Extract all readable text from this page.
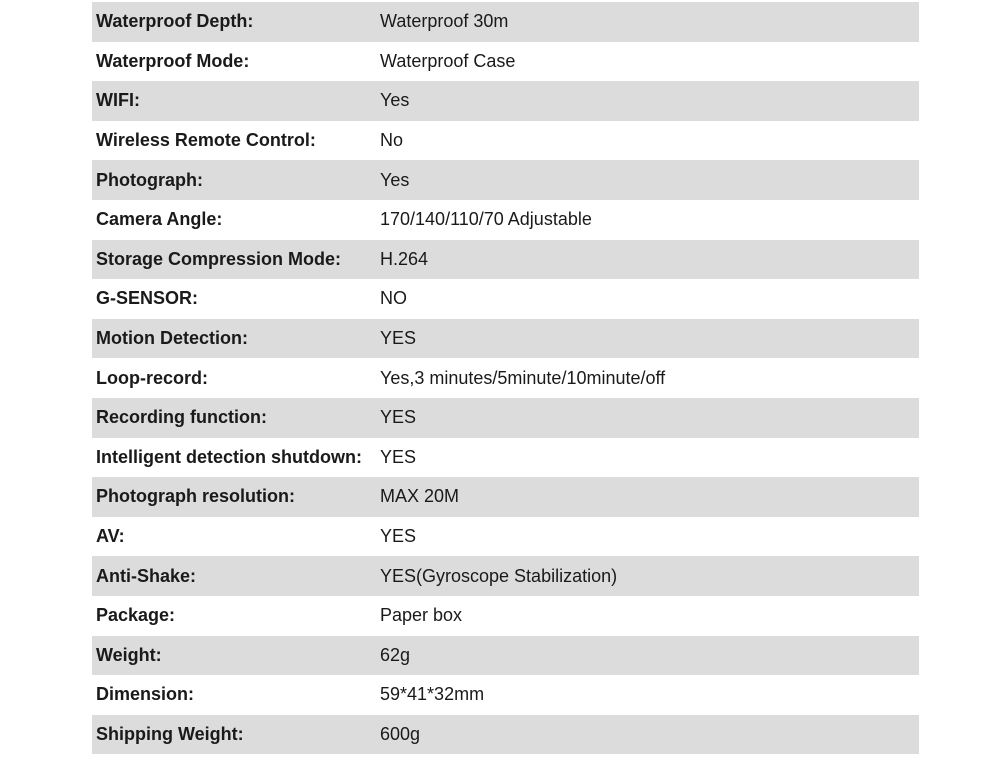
Waterproof Depth:	Waterproof 30m
Waterproof Mode:	Waterproof Case
WIFI:	Yes
Wireless Remote Control:	No
Photograph:	Yes
Camera Angle:	170/140/110/70 Adjustable
Storage Compression Mode:	H.264
G-SENSOR:	NO
Motion Detection:	YES
Loop-record:	Yes,3 minutes/5minute/10minute/off
Recording function:	YES
Intelligent detection shutdown:	YES
Photograph resolution:	MAX 20M
AV:	YES
Anti-Shake:	YES(Gyroscope Stabilization)
Package:	Paper box
Weight:	62g
Dimension:	59*41*32mm
Shipping Weight:	600g
